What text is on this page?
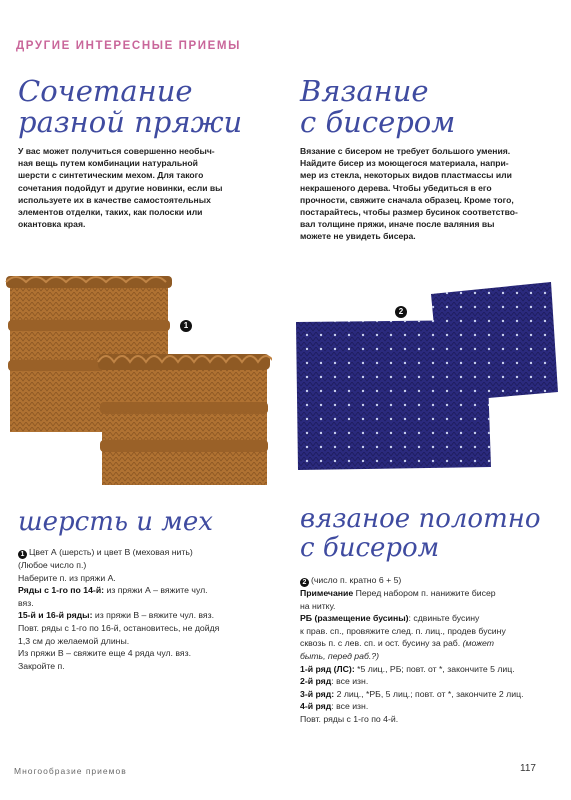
ДРУГИЕ ИНТЕРЕСНЫЕ ПРИЕМЫ
Сочетание
разной пряжи
Вязание
с бисером
У вас может получиться совершенно необыч-
ная вещь путем комбинации натуральной
шерсти с синтетическим мехом. Для такого
сочетания подойдут и другие новинки, если вы
используете их в качестве самостоятельных
элементов отделки, таких, как полоски или
окантовка края.
Вязание с бисером не требует большого умения.
Найдите бисер из моющегося материала, напри-
мер из стекла, некоторых видов пластмассы или
некрашеного дерева. Чтобы убедиться в его
прочности, свяжите сначала образец. Кроме того,
постарайтесь, чтобы размер бусинок соответство-
вал толщине пряжи, иначе после валяния вы
можете не увидеть бисера.
1
2
шерсть и мех

1 Цвет А (шерсть) и цвет В (меховая нить)

(Любое число п.)

Наберите п. из пряжи А.

Ряды с 1-го по 14-й: из пряжи А – вяжите чул.

вяз.

15-й и 16-й ряды: из пряжи В – вяжите чул. вяз.

Повт. ряды с 1-го по 16-й, остановитесь, не дойдя

1,3 см до желаемой длины.

Из пряжи В – свяжите еще 4 ряда чул. вяз.

Закройте п.

вязаное полотно
с бисером

2 (число п. кратно 6 + 5)

Примечание Перед набором п. нанижите бисер

на нитку.

РБ (размещение бусины): сдвиньте бусину

к прав. сп., провяжите след. п. лиц., продев бусину

сквозь п. с лев. сп. и ост. бусину за раб. (может

быть, перед раб.?)

1-й ряд (ЛС): *5 лиц., РБ; повт. от *, закончите 5 лиц.

2-й ряд: все изн.

3-й ряд: 2 лиц., *РБ, 5 лиц.; повт. от *, закончите 2 лиц.

4-й ряд: все изн.

Повт. ряды с 1-го по 4-й.

Многообразие приемов	117
